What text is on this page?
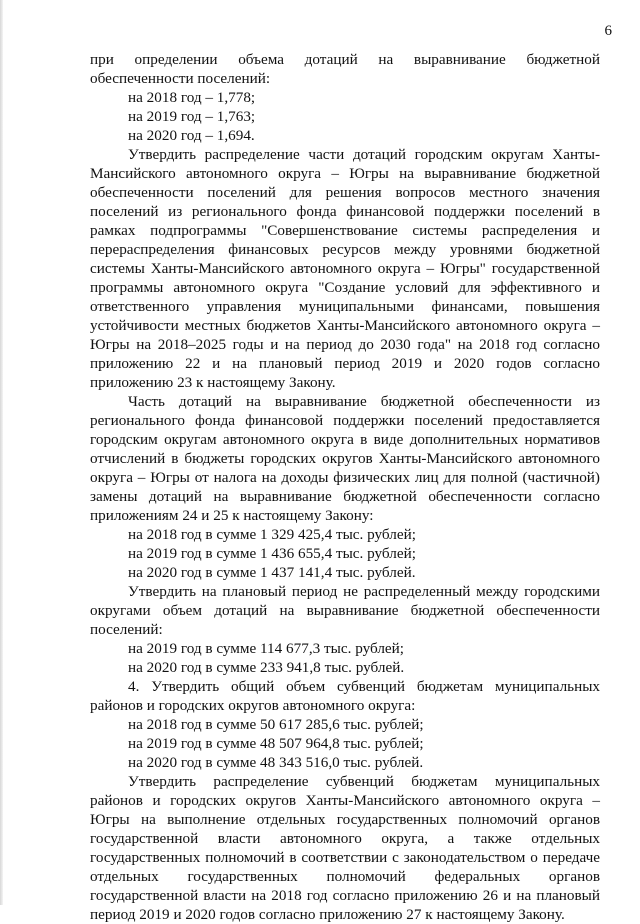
6

при определении объема дотаций на выравнивание бюджетной обеспеченности поселений:

на 2018 год – 1,778;

на 2019 год – 1,763;

на 2020 год – 1,694.

Утвердить распределение части дотаций городским округам Ханты-Мансийского автономного округа – Югры на выравнивание бюджетной обеспеченности поселений для решения вопросов местного значения поселений из регионального фонда финансовой поддержки поселений в рамках подпрограммы "Совершенствование системы распределения и перераспределения финансовых ресурсов между уровнями бюджетной системы Ханты-Мансийского автономного округа – Югры" государственной программы автономного округа "Создание условий для эффективного и ответственного управления муниципальными финансами, повышения устойчивости местных бюджетов Ханты-Мансийского автономного округа – Югры на 2018–2025 годы и на период до 2030 года" на 2018 год согласно приложению 22 и на плановый период 2019 и 2020 годов согласно приложению 23 к настоящему Закону.

Часть дотаций на выравнивание бюджетной обеспеченности из регионального фонда финансовой поддержки поселений предоставляется городским округам автономного округа в виде дополнительных нормативов отчислений в бюджеты городских округов Ханты-Мансийского автономного округа – Югры от налога на доходы физических лиц для полной (частичной) замены дотаций на выравнивание бюджетной обеспеченности согласно приложениям 24 и 25 к настоящему Закону:

на 2018 год в сумме 1 329 425,4 тыс. рублей;

на 2019 год в сумме 1 436 655,4 тыс. рублей;

на 2020 год в сумме 1 437 141,4 тыс. рублей.

Утвердить на плановый период не распределенный между городскими округами объем дотаций на выравнивание бюджетной обеспеченности поселений:

на 2019 год в сумме 114 677,3 тыс. рублей;

на 2020 год в сумме 233 941,8 тыс. рублей.

4. Утвердить общий объем субвенций бюджетам муниципальных районов и городских округов автономного округа:

на 2018 год в сумме 50 617 285,6 тыс. рублей;

на 2019 год в сумме 48 507 964,8 тыс. рублей;

на 2020 год в сумме 48 343 516,0 тыс. рублей.

Утвердить распределение субвенций бюджетам муниципальных районов и городских округов Ханты-Мансийского автономного округа – Югры на выполнение отдельных государственных полномочий органов государственной власти автономного округа, а также отдельных государственных полномочий в соответствии с законодательством о передаче отдельных государственных полномочий федеральных органов государственной власти на 2018 год согласно приложению 26 и на плановый период 2019 и 2020 годов согласно приложению 27 к настоящему Закону.
